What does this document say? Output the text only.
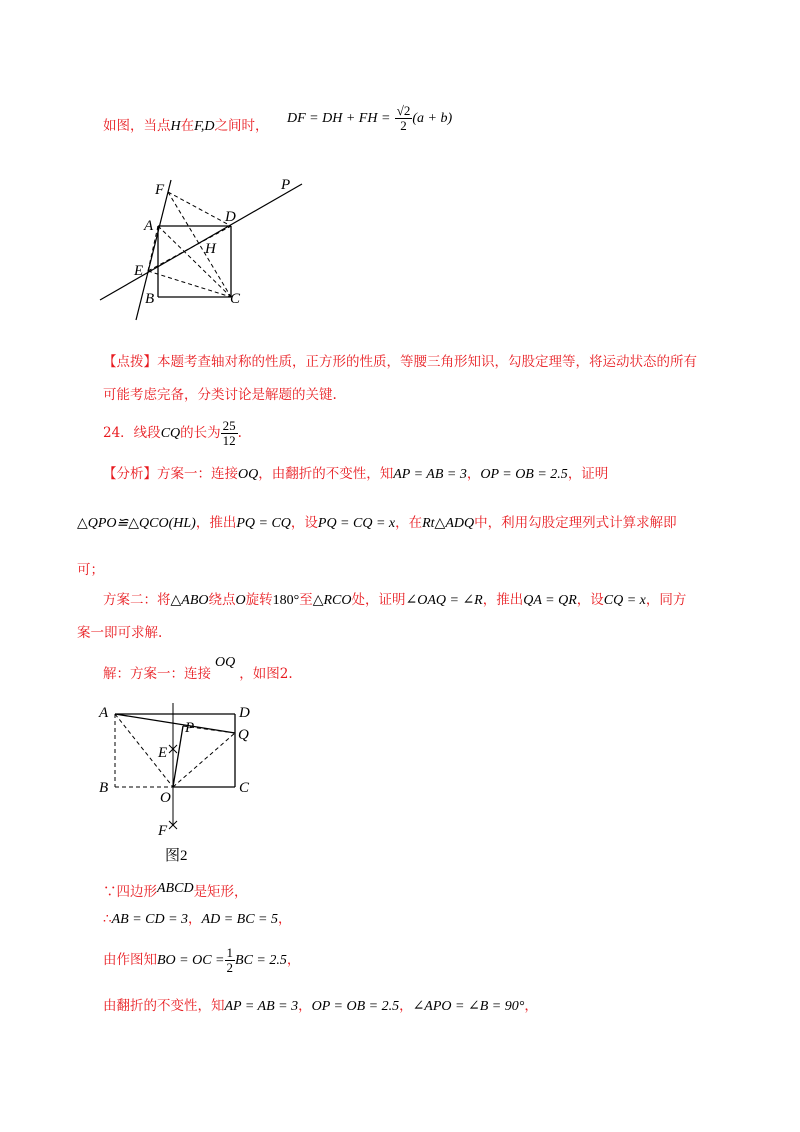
如图，当点H在F,D之间时， DF = DH + FH = $\frac{√2}{2} (a + b)$
F	P
A
D
H
E
B	C
【点拨】本题考查轴对称的性质，正方形的性质，等腰三角形知识，勾股定理等，将运动状态的所有
可能考虑完备，分类讨论是解题的关键.
24．线段CQ的长为 $\frac{25}{12}$ .
【分析】方案一：连接OQ，由翻折的不变性，知AP = AB = 3，OP = OB = 2.5，证明
△QPO≌△QCO(HL)，推出PQ = CQ，设PQ = CQ = x，在Rt△ADQ中，利用勾股定理列式计算求解即
可；
方案二：将△ABO绕点O旋转180°至△RCO处，证明∠OAQ = ∠R，推出QA = QR，设CQ = x，同方
案一即可求解.
解：方案一：连接OQ，如图2.
A	D
P	Q
E
B
O
C
F
图2
∵四边形ABCD是矩形，
∴AB = CD = 3，AD = BC = 5，
由作图知BO = OC = $\frac{1}{2}$ BC = 2.5，
由翻折的不变性，知AP = AB = 3，OP = OB = 2.5，∠APO = ∠B = 90°，
